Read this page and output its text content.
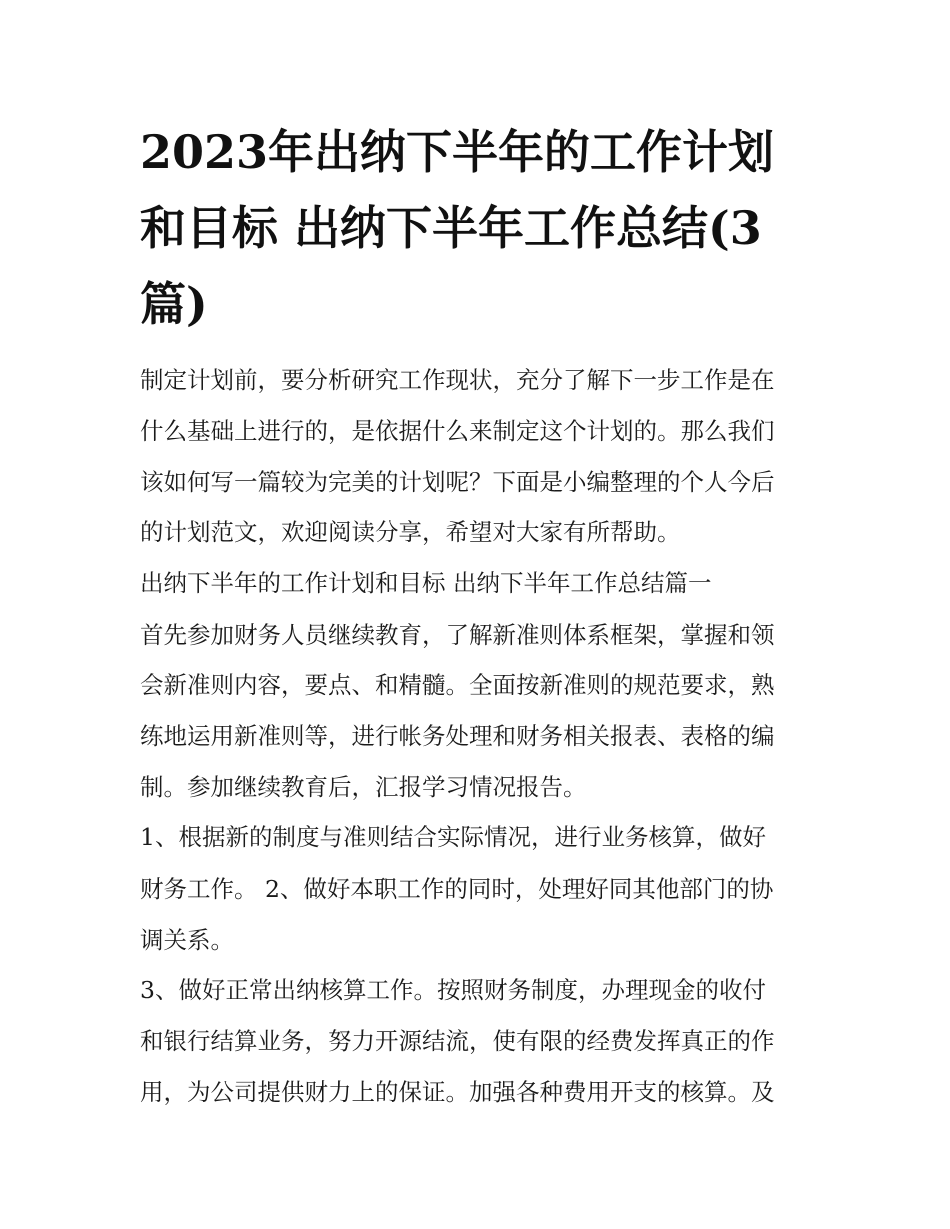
2023年出纳下半年的工作计划
和目标 出纳下半年工作总结(3
篇)
制定计划前，要分析研究工作现状，充分了解下一步工作是在
什么基础上进行的，是依据什么来制定这个计划的。那么我们
该如何写一篇较为完美的计划呢？下面是小编整理的个人今后
的计划范文，欢迎阅读分享，希望对大家有所帮助。
出纳下半年的工作计划和目标 出纳下半年工作总结篇一
首先参加财务人员继续教育，了解新准则体系框架，掌握和领
会新准则内容，要点、和精髓。全面按新准则的规范要求，熟
练地运用新准则等，进行帐务处理和财务相关报表、表格的编
制。参加继续教育后，汇报学习情况报告。
1、根据新的制度与准则结合实际情况，进行业务核算，做好
财务工作。 2、做好本职工作的同时，处理好同其他部门的协
调关系。
3、做好正常出纳核算工作。按照财务制度，办理现金的收付
和银行结算业务，努力开源结流，使有限的经费发挥真正的作
用，为公司提供财力上的保证。加强各种费用开支的核算。及
